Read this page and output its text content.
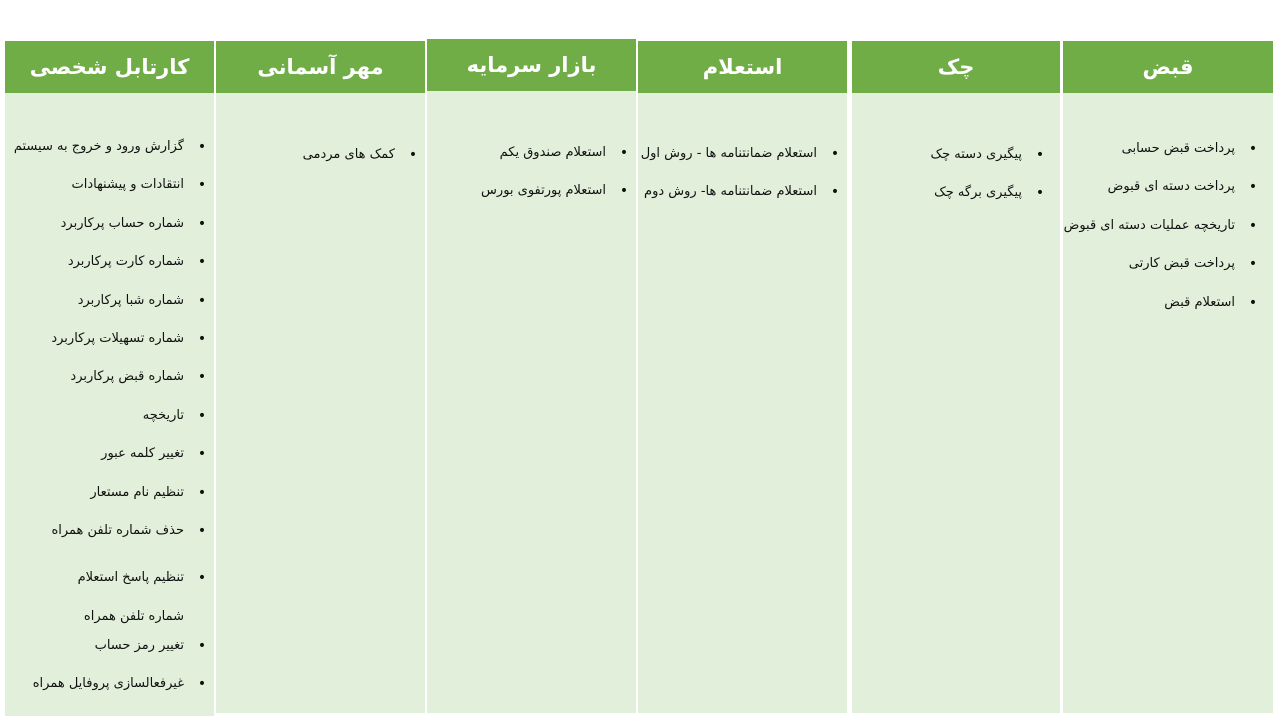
قبض
•
پرداخت قبض حسابی
•
پرداخت دسته ای قبوض
•
تاریخچه عملیات دسته ای قبوض
•
پرداخت قبض کارتی
•
استعلام قبض
چک
•
پیگیری دسته چک
•
پیگیری برگه چک
استعلام
•
استعلام ضمانتنامه ها - روش اول
•
استعلام ضمانتنامه ها- روش دوم
بازار سرمایه
•
استعلام صندوق یکم
•
استعلام پورتفوی بورس
مهر آسمانی
•
کمک های مردمی
کارتابل شخصی
•
گزارش ورود و خروج به سیستم
•
انتقادات و پیشنهادات
•
شماره حساب پرکاربرد
•
شماره کارت پرکاربرد
•
شماره شبا پرکاربرد
•
شماره تسهیلات پرکاربرد
•
شماره قبض پرکاربرد
•
تاریخچه
•
تغییر کلمه عبور
•
تنظیم نام مستعار
•
حذف شماره تلفن همراه
•
تنظیم پاسخ استعلام شماره تلفن همراه
•
تغییر رمز حساب
•
غیرفعالسازی پروفایل همراه
